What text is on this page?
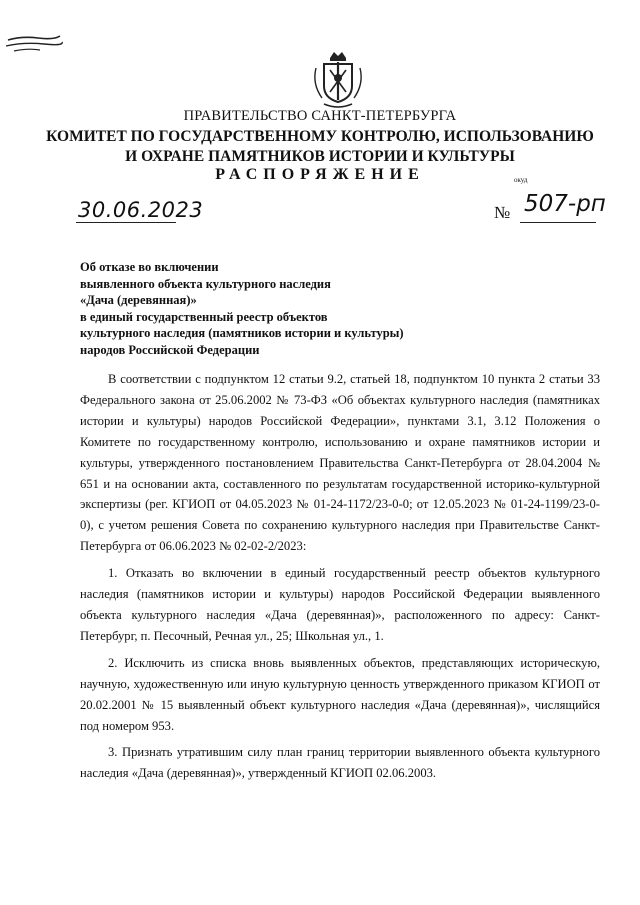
ПРАВИТЕЛЬСТВО САНКТ-ПЕТЕРБУРГА
КОМИТЕТ ПО ГОСУДАРСТВЕННОМУ КОНТРОЛЮ, ИСПОЛЬЗОВАНИЮ
И ОХРАНЕ ПАМЯТНИКОВ ИСТОРИИ И КУЛЬТУРЫ
РАСПОРЯЖЕНИЕ	окуд
30.06.2023	№ 507-рп
Об отказе во включении
выявленного объекта культурного наследия
«Дача (деревянная)»
в единый государственный реестр объектов
культурного наследия (памятников истории и культуры)
народов Российской Федерации

В соответствии с подпунктом 12 статьи 9.2, статьей 18, подпунктом 10 пункта 2 статьи 33 Федерального закона от 25.06.2002 № 73-ФЗ «Об объектах культурного наследия (памятниках истории и культуры) народов Российской Федерации», пунктами 3.1, 3.12 Положения о Комитете по государственному контролю, использованию и охране памятников истории и культуры, утвержденного постановлением Правительства Санкт-Петербурга от 28.04.2004 № 651 и на основании акта, составленного по результатам государственной историко-культурной экспертизы (рег. КГИОП от 04.05.2023 № 01-24-1172/23-0-0; от 12.05.2023 № 01-24-1199/23-0-0), с учетом решения Совета по сохранению культурного наследия при Правительстве Санкт-Петербурга от 06.06.2023 № 02-02-2/2023:

1. Отказать во включении в единый государственный реестр объектов культурного наследия (памятников истории и культуры) народов Российской Федерации выявленного объекта культурного наследия «Дача (деревянная)», расположенного по адресу: Санкт-Петербург, п. Песочный, Речная ул., 25; Школьная ул., 1.

2. Исключить из списка вновь выявленных объектов, представляющих историческую, научную, художественную или иную культурную ценность утвержденного приказом КГИОП от 20.02.2001 № 15 выявленный объект культурного наследия «Дача (деревянная)», числящийся под номером 953.

3. Признать утратившим силу план границ территории выявленного объекта культурного наследия «Дача (деревянная)», утвержденный КГИОП 02.06.2003.
